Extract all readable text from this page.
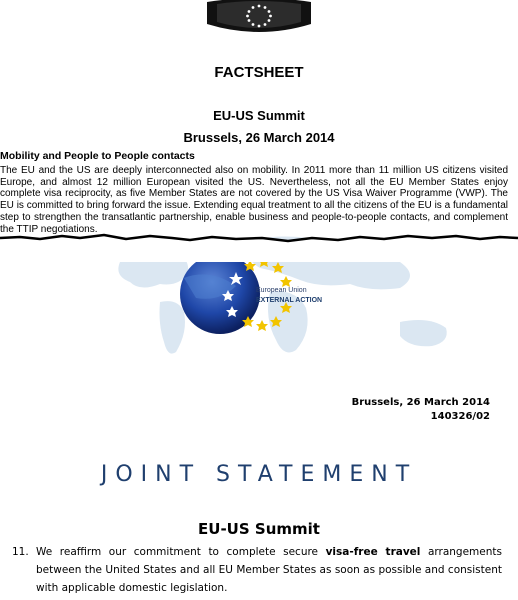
FACTSHEET
EU-US Summit
Brussels, 26 March 2014
Mobility and People to People contacts
The EU and the US are deeply interconnected also on mobility. In 2011 more than 11 million US citizens visited Europe, and almost 12 million European visited the US. Nevertheless, not all the EU Member States enjoy complete visa reciprocity, as five Member States are not covered by the US Visa Waiver Programme (VWP). The EU is committed to bring forward the issue. Extending equal treatment to all the citizens of the EU is a fundamental step to strengthen the transatlantic partnership, enable business and people-to-people contacts, and complement the TTIP negotiations.
European Union
EXTERNAL ACTION
Brussels, 26 March 2014
140326/02
JOINT STATEMENT
EU-US Summit
11. We reaffirm our commitment to complete secure visa-free travel arrangements between the United States and all EU Member States as soon as possible and consistent with applicable domestic legislation.
